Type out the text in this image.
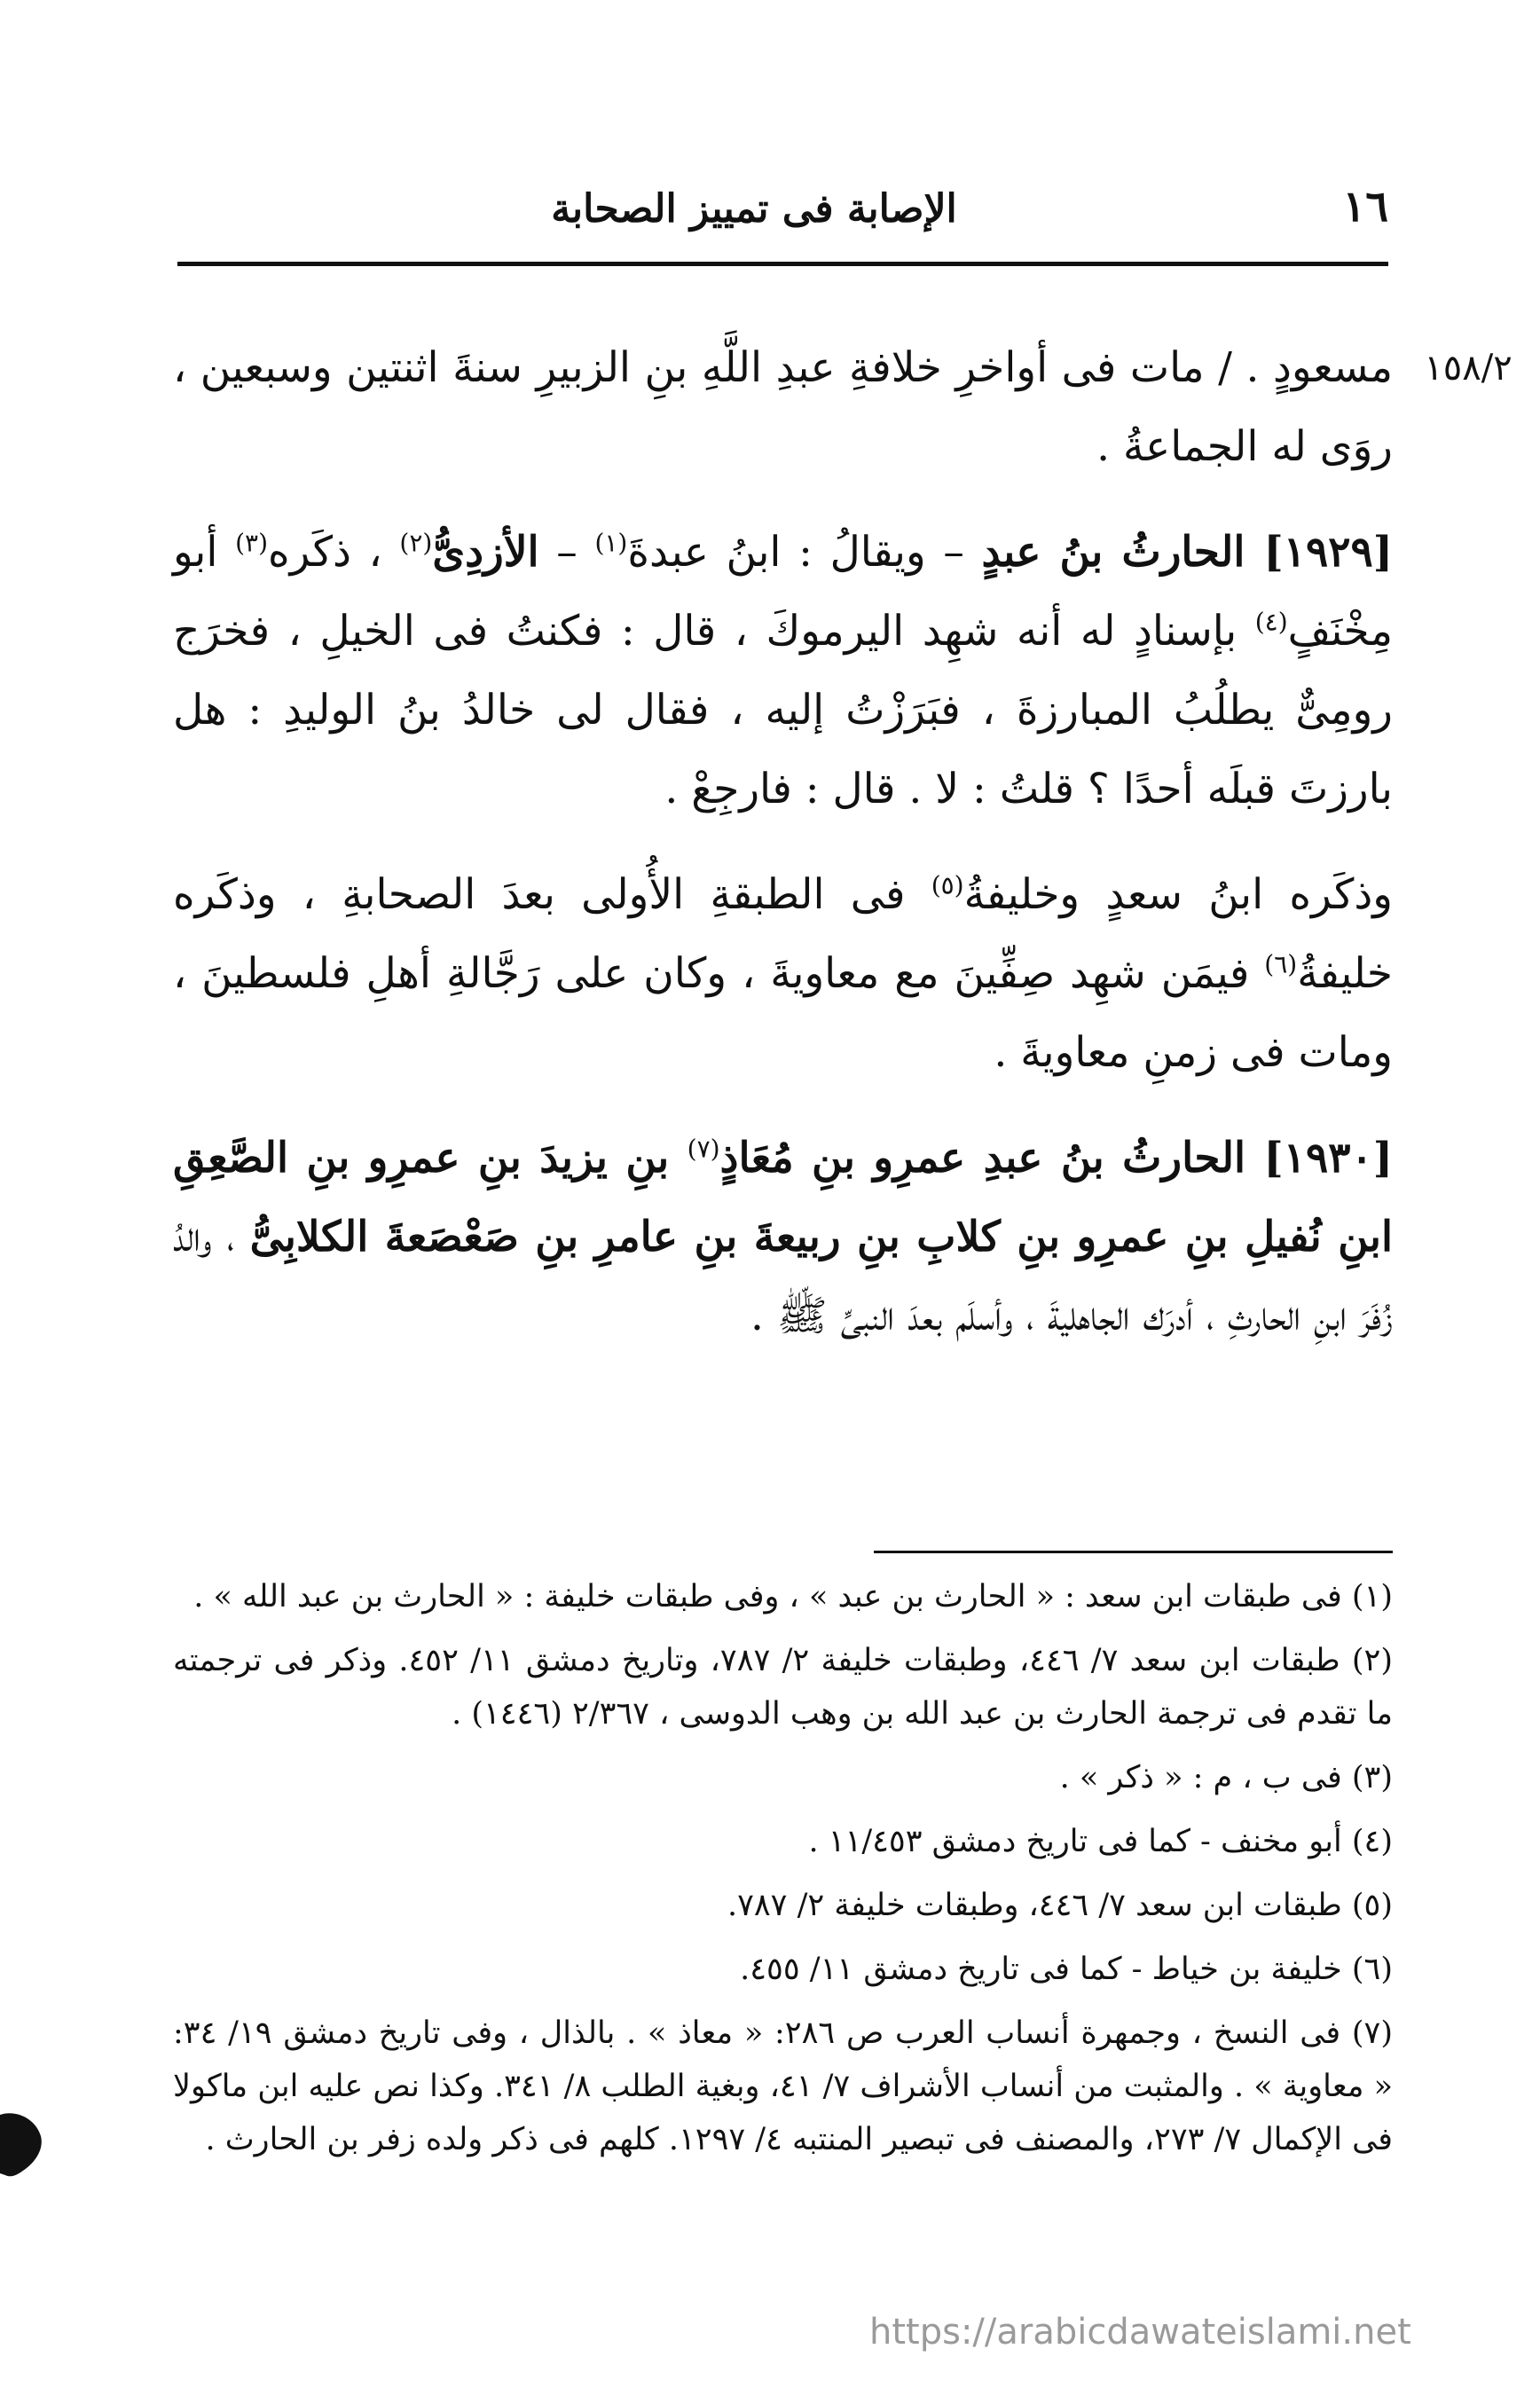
١٦
الإصابة فى تمييز الصحابة
١٥٨/٢

مسعودٍ . / مات فى أواخرِ خلافةِ عبدِ اللَّهِ بنِ الزبيرِ سنةَ اثنتين وسبعين ، روَى له الجماعةُ .

[١٩٢٩] الحارثُ بنُ عبدٍ – ويقالُ : ابنُ عبدةَ$^{(١)}$ – الأزدِىُّ$^{(٢)}$ ، ذكَره$^{(٣)}$ أبو مِخْنَفٍ$^{(٤)}$ بإسنادٍ له أنه شهِد اليرموكَ ، قال : فكنتُ فى الخيلِ ، فخرَج رومِىٌّ يطلُبُ المبارزةَ ، فبَرَزْتُ إليه ، فقال لى خالدُ بنُ الوليدِ : هل بارزتَ قبلَه أحدًا ؟ قلتُ : لا . قال : فارجِعْ .

وذكَره ابنُ سعدٍ وخليفةُ$^{(٥)}$ فى الطبقةِ الأُولى بعدَ الصحابةِ ، وذكَره خليفةُ$^{(٦)}$ فيمَن شهِد صِفِّينَ مع معاويةَ ، وكان على رَجَّالةِ أهلِ فلسطينَ ، ومات فى زمنِ معاويةَ .

[١٩٣٠] الحارثُ بنُ عبدِ عمرِو بنِ مُعَاذٍ$^{(٧)}$ بنِ يزيدَ بنِ عمرِو بنِ الصَّعِقِ ابنِ نُفيلِ بنِ عمرِو بنِ كلابِ بنِ ربيعةَ بنِ عامرِ بنِ صَعْصَعةَ الكلابِىُّ ، والدُ زُفَرَ ابنِ الحارثِ ، أدرَك الجاهليةَ ، وأسلَم بعدَ النبىِّ ﷺ .

(١) فى طبقات ابن سعد : « الحارث بن عبد » ، وفى طبقات خليفة : « الحارث بن عبد الله » .
(٢) طبقات ابن سعد ٧/ ٤٤٦، وطبقات خليفة ٢/ ٧٨٧، وتاريخ دمشق ١١/ ٤٥٢. وذكر فى ترجمته ما تقدم فى ترجمة الحارث بن عبد الله بن وهب الدوسى ، ٢/٣٦٧ (١٤٤٦) .
(٣) فى ب ، م : « ذكر » .
(٤) أبو مخنف - كما فى تاريخ دمشق ١١/٤٥٣ .
(٥) طبقات ابن سعد ٧/ ٤٤٦، وطبقات خليفة ٢/ ٧٨٧.
(٦) خليفة بن خياط - كما فى تاريخ دمشق ١١/ ٤٥٥.
(٧) فى النسخ ، وجمهرة أنساب العرب ص ٢٨٦: « معاذ » . بالذال ، وفى تاريخ دمشق ١٩/ ٣٤: « معاوية » . والمثبت من أنساب الأشراف ٧/ ٤١، وبغية الطلب ٨/ ٣٤١. وكذا نص عليه ابن ماكولا فى الإكمال ٧/ ٢٧٣، والمصنف فى تبصير المنتبه ٤/ ١٢٩٧. كلهم فى ذكر ولده زفر بن الحارث .
https://arabicdawateislami.net
